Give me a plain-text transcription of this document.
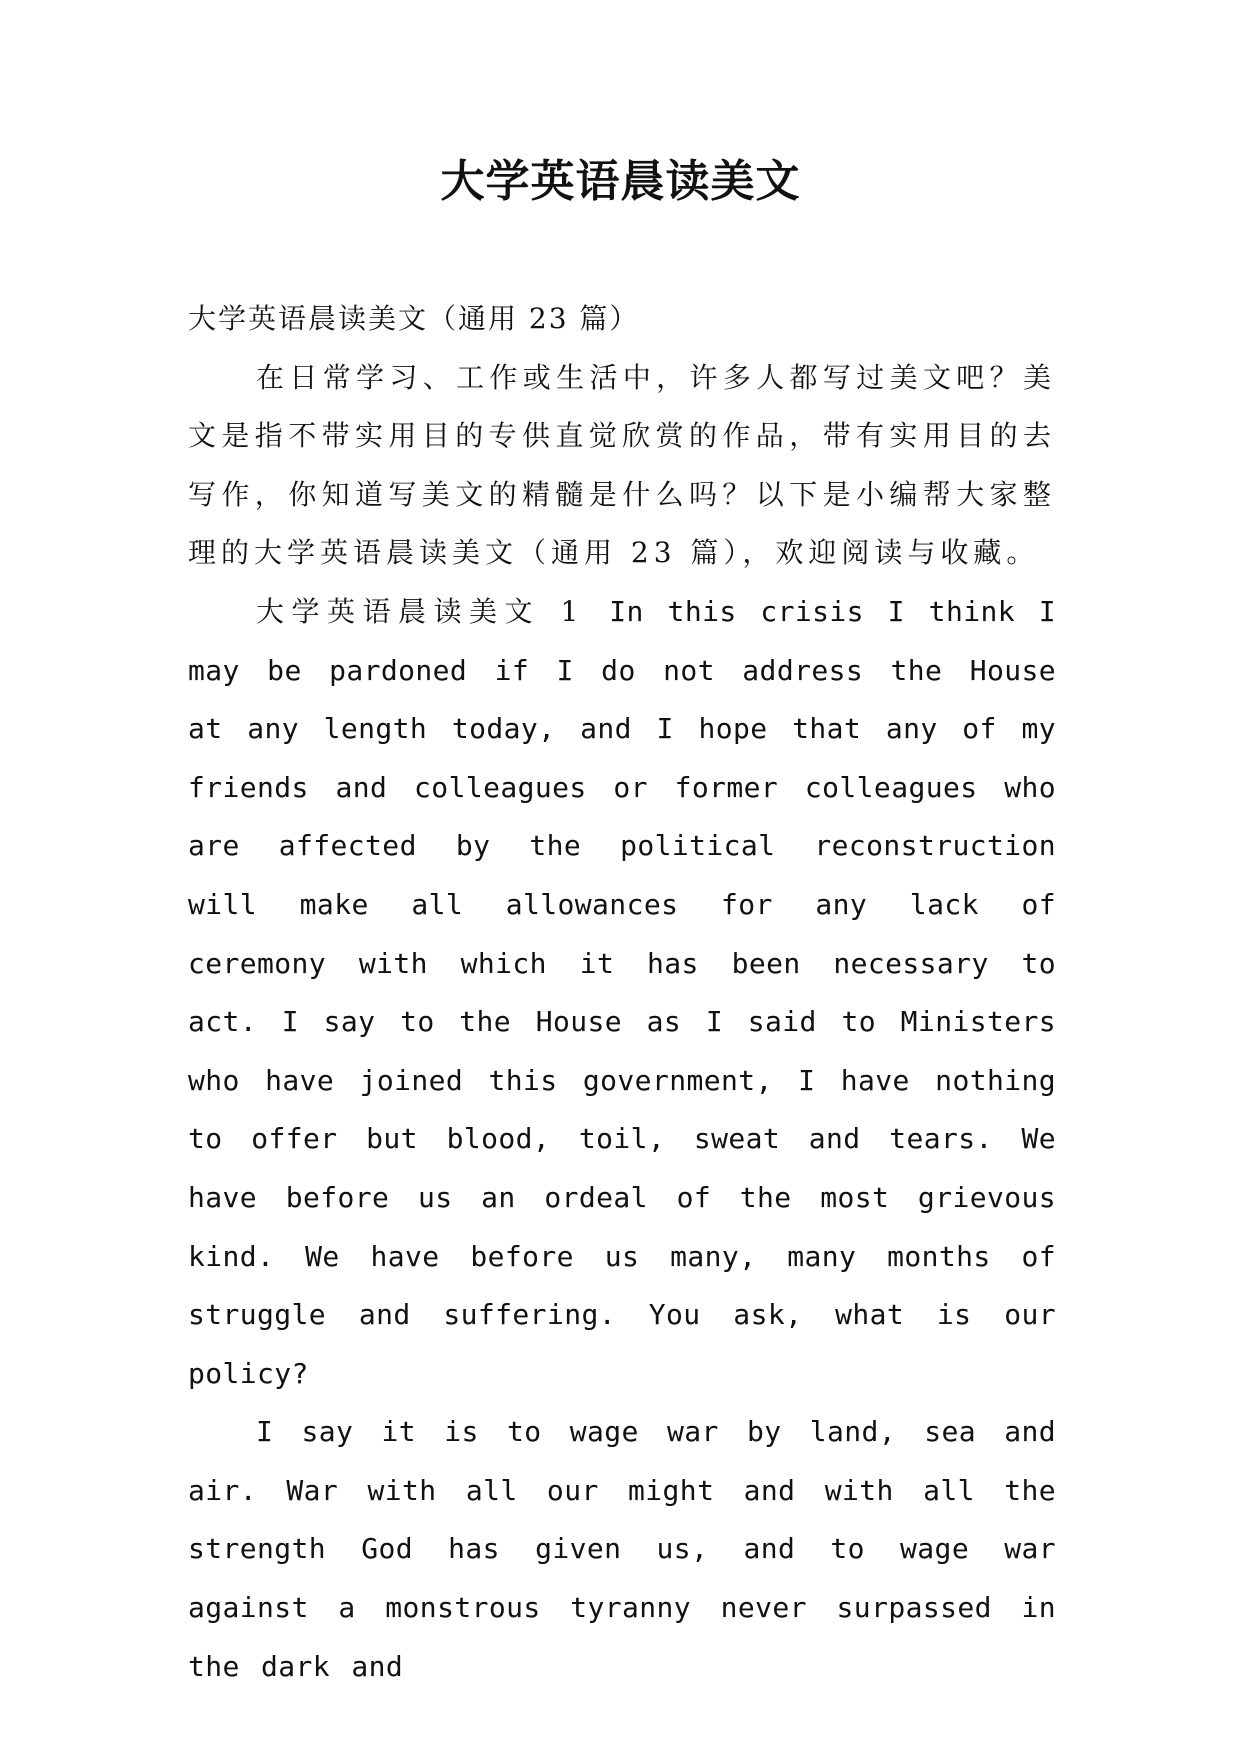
大学英语晨读美文

大学英语晨读美文（通用 23 篇）

在日常学习、工作或生活中，许多人都写过美文吧？美文是指不带实用目的专供直觉欣赏的作品，带有实用目的去写作，你知道写美文的精髓是什么吗？以下是小编帮大家整理的大学英语晨读美文（通用 23 篇），欢迎阅读与收藏。

大学英语晨读美文 1 In this crisis I think I may be pardoned if I do not address the House at any length today, and I hope that any of my friends and colleagues or former colleagues who are affected by the political reconstruction will make all allowances for any lack of ceremony with which it has been necessary to act. I say to the House as I said to Ministers who have joined this government, I have nothing to offer but blood, toil, sweat and tears. We have before us an ordeal of the most grievous kind. We have before us many, many months of struggle and suffering. You ask, what is our policy?

I say it is to wage war by land, sea and air. War with all our might and with all the strength God has given us, and to wage war against a monstrous tyranny never surpassed in the dark and
